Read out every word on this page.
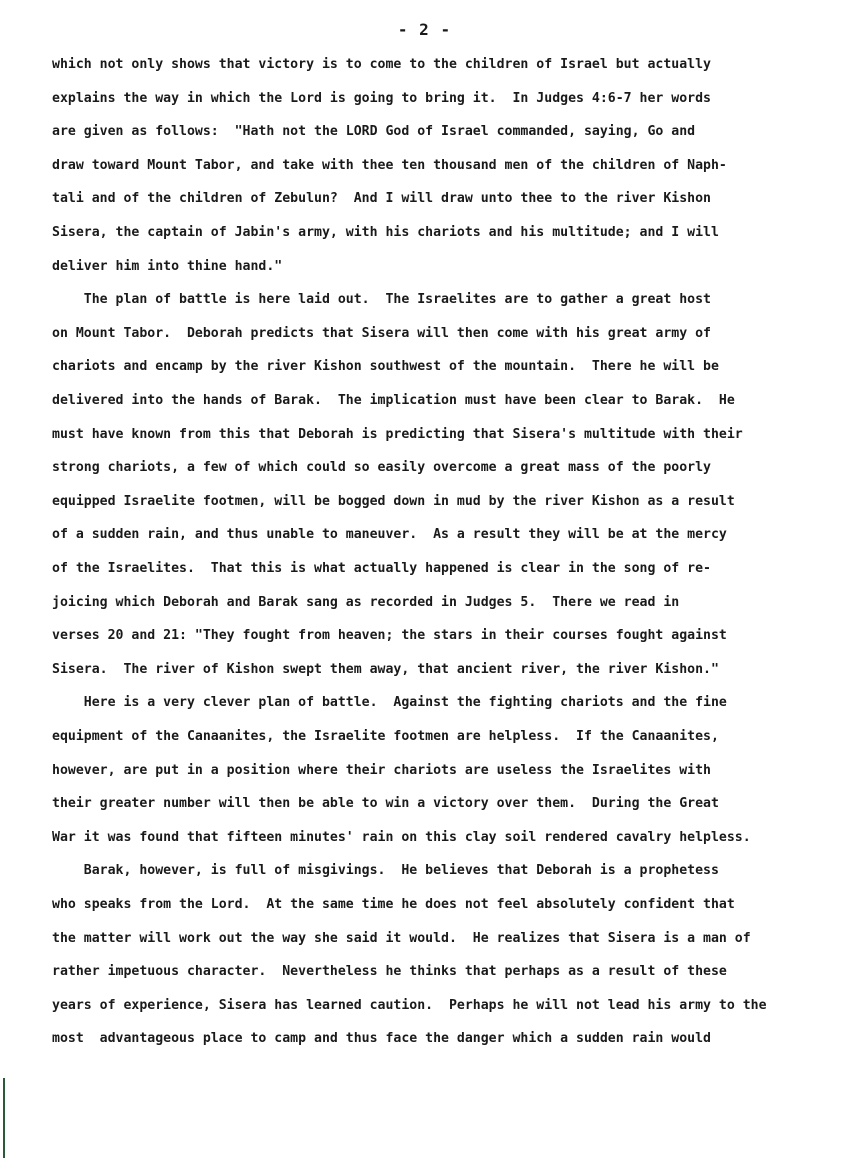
- 2 -
which not only shows that victory is to come to the children of Israel but actually
explains the way in which the Lord is going to bring it.  In Judges 4:6-7 her words
are given as follows:  "Hath not the LORD God of Israel commanded, saying, Go and
draw toward Mount Tabor, and take with thee ten thousand men of the children of Naph-
tali and of the children of Zebulun?  And I will draw unto thee to the river Kishon
Sisera, the captain of Jabin's army, with his chariots and his multitude; and I will
deliver him into thine hand."
The plan of battle is here laid out.  The Israelites are to gather a great host
on Mount Tabor.  Deborah predicts that Sisera will then come with his great army of
chariots and encamp by the river Kishon southwest of the mountain.  There he will be
delivered into the hands of Barak.  The implication must have been clear to Barak.  He
must have known from this that Deborah is predicting that Sisera's multitude with their
strong chariots, a few of which could so easily overcome a great mass of the poorly
equipped Israelite footmen, will be bogged down in mud by the river Kishon as a result
of a sudden rain, and thus unable to maneuver.  As a result they will be at the mercy
of the Israelites.  That this is what actually happened is clear in the song of re-
joicing which Deborah and Barak sang as recorded in Judges 5.  There we read in
verses 20 and 21: "They fought from heaven; the stars in their courses fought against
Sisera.  The river of Kishon swept them away, that ancient river, the river Kishon."
Here is a very clever plan of battle.  Against the fighting chariots and the fine
equipment of the Canaanites, the Israelite footmen are helpless.  If the Canaanites,
however, are put in a position where their chariots are useless the Israelites with
their greater number will then be able to win a victory over them.  During the Great
War it was found that fifteen minutes' rain on this clay soil rendered cavalry helpless.
Barak, however, is full of misgivings.  He believes that Deborah is a prophetess
who speaks from the Lord.  At the same time he does not feel absolutely confident that
the matter will work out the way she said it would.  He realizes that Sisera is a man of
rather impetuous character.  Nevertheless he thinks that perhaps as a result of these
years of experience, Sisera has learned caution.  Perhaps he will not lead his army to the
most  advantageous place to camp and thus face the danger which a sudden rain would
